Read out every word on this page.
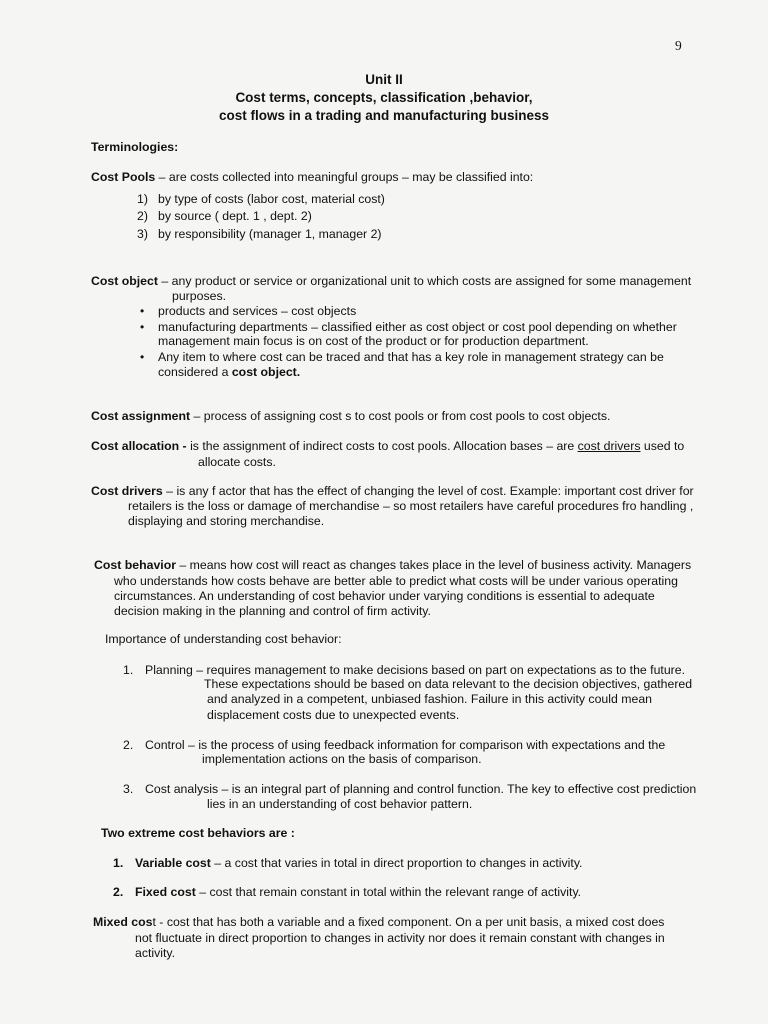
9
Unit II
Cost terms, concepts, classification ,behavior,
cost flows in a trading and manufacturing business
Terminologies:
Cost Pools – are costs collected into meaningful groups – may be classified into:
1) by type of costs (labor cost, material cost)
2) by source ( dept. 1 , dept. 2)
3) by responsibility (manager 1, manager 2)
Cost object – any product or service or organizational unit to which costs are assigned for some management
purposes.
• products and services – cost objects
• manufacturing departments – classified either as cost object or cost pool depending on whether
management main focus is on cost of the product or for production department.
• Any item to where cost can be traced and that has a key role in management strategy can be
considered a cost object.
Cost assignment – process of assigning cost s to cost pools or from cost pools to cost objects.
Cost allocation - is the assignment of indirect costs to cost pools. Allocation bases – are cost drivers used to
allocate costs.
Cost drivers – is any f actor that has the effect of changing the level of cost. Example: important cost driver for
retailers is the loss or damage of merchandise – so most retailers have careful procedures fro handling ,
displaying and storing merchandise.
Cost behavior – means how cost will react as changes takes place in the level of business activity. Managers
who understands how costs behave are better able to predict what costs will be under various operating
circumstances. An understanding of cost behavior under varying conditions is essential to adequate
decision making in the planning and control of firm activity.
Importance of understanding cost behavior:
1. Planning – requires management to make decisions based on part on expectations as to the future.
These expectations should be based on data relevant to the decision objectives, gathered
and analyzed in a competent, unbiased fashion. Failure in this activity could mean
displacement costs due to unexpected events.
2. Control – is the process of using feedback information for comparison with expectations and the
implementation actions on the basis of comparison.
3. Cost analysis – is an integral part of planning and control function. The key to effective cost prediction
lies in an understanding of cost behavior pattern.
Two extreme cost behaviors are :
1. Variable cost – a cost that varies in total in direct proportion to changes in activity.
2. Fixed cost – cost that remain constant in total within the relevant range of activity.
Mixed cost - cost that has both a variable and a fixed component. On a per unit basis, a mixed cost does
not fluctuate in direct proportion to changes in activity nor does it remain constant with changes in
activity.
